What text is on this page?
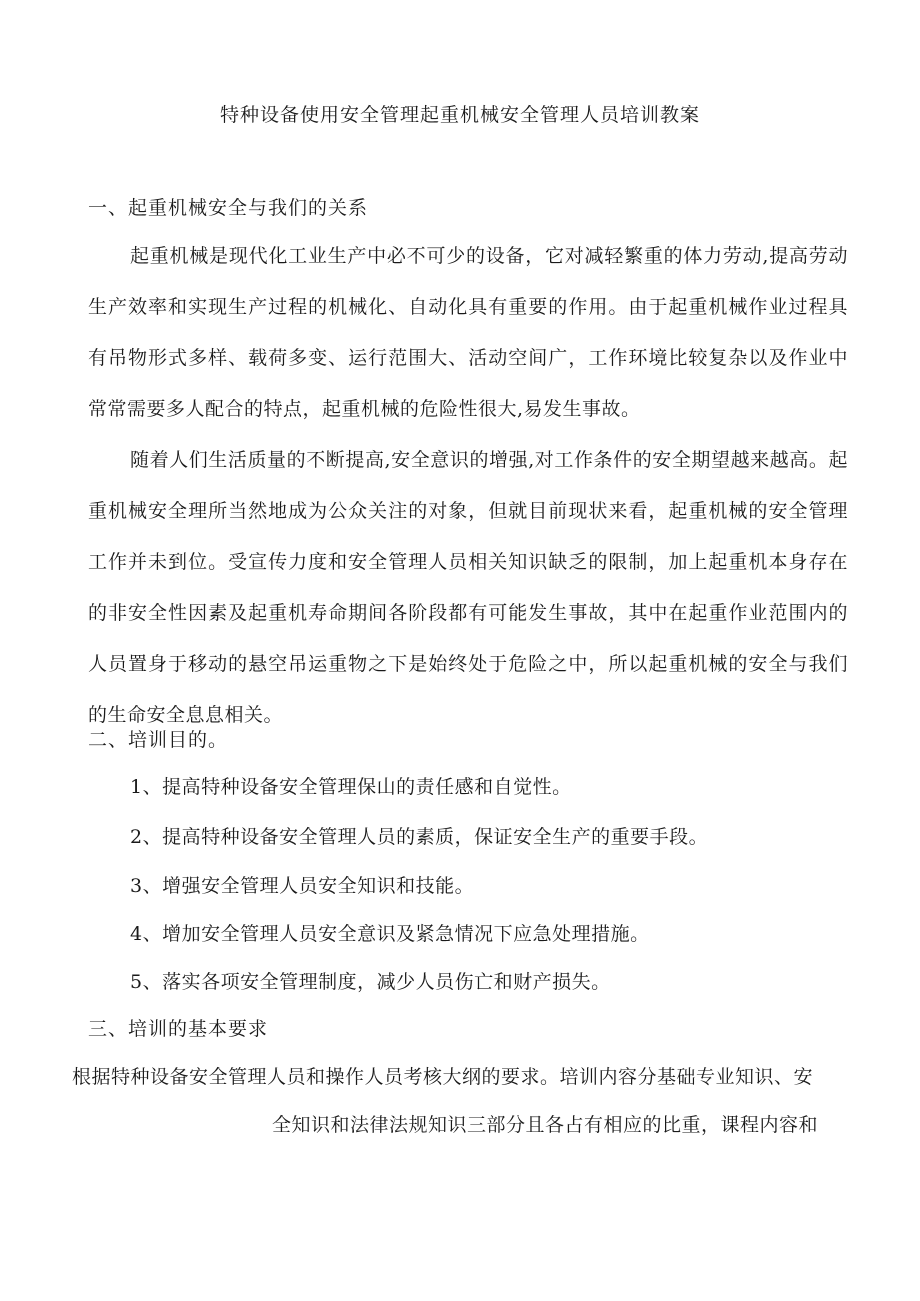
特种设备使用安全管理起重机械安全管理人员培训教案
一、起重机械安全与我们的关系
起重机械是现代化工业生产中必不可少的设备，它对减轻繁重的体力劳动,提高劳动生产效率和实现生产过程的机械化、自动化具有重要的作用。由于起重机械作业过程具有吊物形式多样、载荷多变、运行范围大、活动空间广，工作环境比较复杂以及作业中常常需要多人配合的特点，起重机械的危险性很大,易发生事故。
随着人们生活质量的不断提高,安全意识的增强,对工作条件的安全期望越来越高。起重机械安全理所当然地成为公众关注的对象，但就目前现状来看，起重机械的安全管理工作并未到位。受宣传力度和安全管理人员相关知识缺乏的限制，加上起重机本身存在的非安全性因素及起重机寿命期间各阶段都有可能发生事故，其中在起重作业范围内的人员置身于移动的悬空吊运重物之下是始终处于危险之中，所以起重机械的安全与我们的生命安全息息相关。
二、培训目的。
1、提高特种设备安全管理保山的责任感和自觉性。
2、提高特种设备安全管理人员的素质，保证安全生产的重要手段。
3、增强安全管理人员安全知识和技能。
4、增加安全管理人员安全意识及紧急情况下应急处理措施。
5、落实各项安全管理制度，减少人员伤亡和财产损失。
三、培训的基本要求
根据特种设备安全管理人员和操作人员考核大纲的要求。培训内容分基础专业知识、安
全知识和法律法规知识三部分且各占有相应的比重，课程内容和
